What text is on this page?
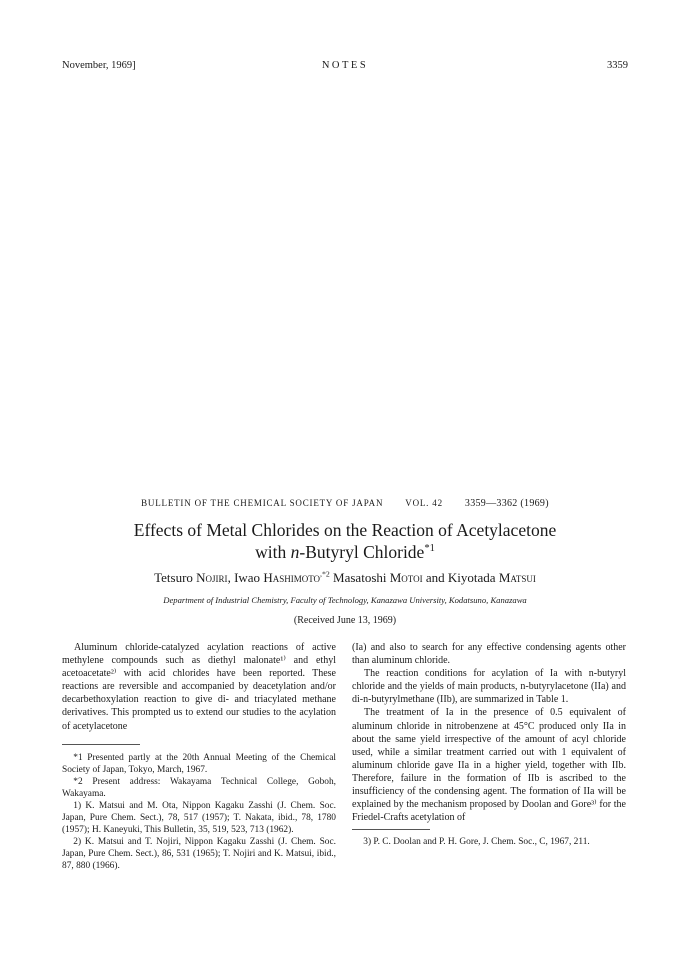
November, 1969]	NOTES	3359
BULLETIN OF THE CHEMICAL SOCIETY OF JAPAN VOL. 42 3359—3362 (1969)
Effects of Metal Chlorides on the Reaction of Acetylacetone
with n-Butyryl Chloride$^{*1}$
Tetsuro Nojiri, Iwao Hashimoto$^{,*2}$ Masatoshi Motoi and Kiyotada Matsui
Department of Industrial Chemistry, Faculty of Technology, Kanazawa University, Kodatsuno, Kanazawa
(Received June 13, 1969)

Aluminum chloride-catalyzed acylation reactions of active methylene compounds such as diethyl malonate¹⁾ and ethyl acetoacetate²⁾ with acid chlorides have been reported. These reactions are reversible and accompanied by deacetylation and/or decarbethoxylation reaction to give di- and triacylated methane derivatives. This prompted us to extend our studies to the acylation of acetylacetone

*1 Presented partly at the 20th Annual Meeting of the Chemical Society of Japan, Tokyo, March, 1967.

*2 Present address: Wakayama Technical College, Goboh, Wakayama.

1) K. Matsui and M. Ota, Nippon Kagaku Zasshi (J. Chem. Soc. Japan, Pure Chem. Sect.), 78, 517 (1957); T. Nakata, ibid., 78, 1780 (1957); H. Kaneyuki, This Bulletin, 35, 519, 523, 713 (1962).

2) K. Matsui and T. Nojiri, Nippon Kagaku Zasshi (J. Chem. Soc. Japan, Pure Chem. Sect.), 86, 531 (1965); T. Nojiri and K. Matsui, ibid., 87, 880 (1966).

(Ia) and also to search for any effective condensing agents other than aluminum chloride.

The reaction conditions for acylation of Ia with n-butyryl chloride and the yields of main products, n-butyrylacetone (IIa) and di-n-butyrylmethane (IIb), are summarized in Table 1.

The treatment of Ia in the presence of 0.5 equivalent of aluminum chloride in nitrobenzene at 45°C produced only IIa in about the same yield irrespective of the amount of acyl chloride used, while a similar treatment carried out with 1 equivalent of aluminum chloride gave IIa in a higher yield, together with IIb. Therefore, failure in the formation of IIb is ascribed to the insufficiency of the condensing agent. The formation of IIa will be explained by the mechanism proposed by Doolan and Gore³⁾ for the Friedel-Crafts acetylation of

3) P. C. Doolan and P. H. Gore, J. Chem. Soc., C, 1967, 211.
